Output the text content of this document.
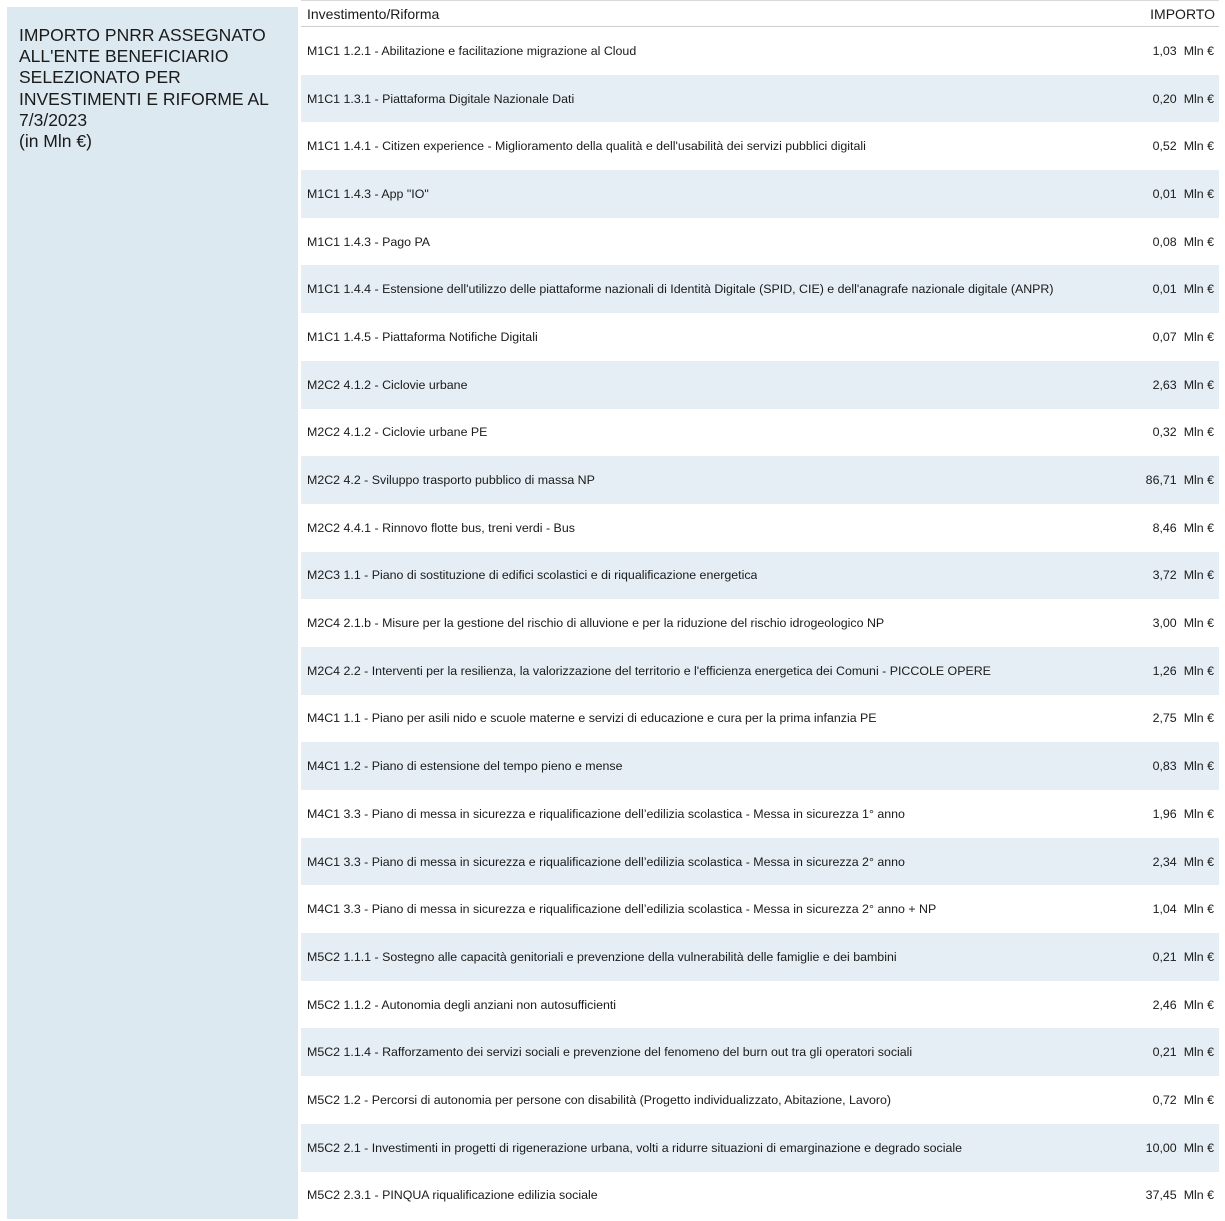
IMPORTO PNRR ASSEGNATO
ALL'ENTE BENEFICIARIO
SELEZIONATO PER
INVESTIMENTI E RIFORME AL
7/3/2023
(in Mln €)
Investimento/Riforma	IMPORTO
M1C1 1.2.1 - Abilitazione e facilitazione migrazione al Cloud	1,03 Mln €
M1C1 1.3.1 - Piattaforma Digitale Nazionale Dati	0,20 Mln €
M1C1 1.4.1 - Citizen experience - Miglioramento della qualità e dell'usabilità dei servizi pubblici digitali	0,52 Mln €
M1C1 1.4.3 - App "IO"	0,01 Mln €
M1C1 1.4.3 - Pago PA	0,08 Mln €
M1C1 1.4.4 - Estensione dell'utilizzo delle piattaforme nazionali di Identità Digitale (SPID, CIE) e dell'anagrafe nazionale digitale (ANPR)	0,01 Mln €
M1C1 1.4.5 - Piattaforma Notifiche Digitali	0,07 Mln €
M2C2 4.1.2 - Ciclovie urbane	2,63 Mln €
M2C2 4.1.2 - Ciclovie urbane PE	0,32 Mln €
M2C2 4.2 - Sviluppo trasporto pubblico di massa NP	86,71 Mln €
M2C2 4.4.1 - Rinnovo flotte bus, treni verdi - Bus	8,46 Mln €
M2C3 1.1 - Piano di sostituzione di edifici scolastici e di riqualificazione energetica	3,72 Mln €
M2C4 2.1.b - Misure per la gestione del rischio di alluvione e per la riduzione del rischio idrogeologico NP	3,00 Mln €
M2C4 2.2 - Interventi per la resilienza, la valorizzazione del territorio e l'efficienza energetica dei Comuni - PICCOLE OPERE	1,26 Mln €
M4C1 1.1 - Piano per asili nido e scuole materne e servizi di educazione e cura per la prima infanzia PE	2,75 Mln €
M4C1 1.2 - Piano di estensione del tempo pieno e mense	0,83 Mln €
M4C1 3.3 - Piano di messa in sicurezza e riqualificazione dell’edilizia scolastica - Messa in sicurezza 1° anno	1,96 Mln €
M4C1 3.3 - Piano di messa in sicurezza e riqualificazione dell’edilizia scolastica - Messa in sicurezza 2° anno	2,34 Mln €
M4C1 3.3 - Piano di messa in sicurezza e riqualificazione dell’edilizia scolastica - Messa in sicurezza 2° anno + NP	1,04 Mln €
M5C2 1.1.1 - Sostegno alle capacità genitoriali e prevenzione della vulnerabilità delle famiglie e dei bambini	0,21 Mln €
M5C2 1.1.2 - Autonomia degli anziani non autosufficienti	2,46 Mln €
M5C2 1.1.4 - Rafforzamento dei servizi sociali e prevenzione del fenomeno del burn out tra gli operatori sociali	0,21 Mln €
M5C2 1.2 - Percorsi di autonomia per persone con disabilità (Progetto individualizzato, Abitazione, Lavoro)	0,72 Mln €
M5C2 2.1 - Investimenti in progetti di rigenerazione urbana, volti a ridurre situazioni di emarginazione e degrado sociale	10,00 Mln €
M5C2 2.3.1 - PINQUA riqualificazione edilizia sociale	37,45 Mln €
